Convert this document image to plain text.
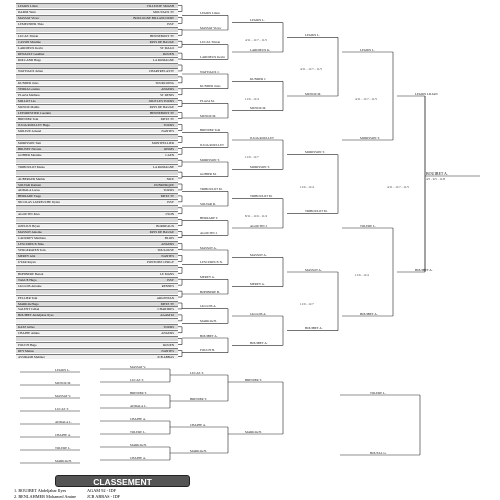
LEGRIS Lilian	VILLEJUIF SMASH
DAMM Yann	MOUVAUX TT
MASSAT Victor	BOULOGNE BILLANCOURT
LEMEUNIER Théo	ISSY
LUCAS Tristan	HENNEBONT TT
CASSIN Maxime	PAYS DE BAUGE
LARDIEUX Kevin	ST MALO
RENAULT Gauthier	ROUEN
ROLLAND Hugo	LA ROMAGNE
WATTIAUX Julien	CHARTRES ASTT
KUNDER Jules	TOURCOING
VERRA Lorenzo	ANGERS
PLAZA Mathieu	ST DENIS
MILLOT Léo	JOUE LES TOURS
MUNOZ Mathis	PAYS DE BAUGE
LEFORESTIER Corentin	HENNEBONT TT
BRENIER Tom	METZ TT
JULIA ROULLET Hugo	TOURS
MOLEZE Arnaud	NANTES
MORISSON Tom	MONTPELLIER
BRUNET Nicolas	REIMS
GOHIER Maxime	CAEN
TRIBOULOT Matéo	LA ROMAGNE
AUBERGER Mathis	NICE
SOLVAR Romain	DUNKERQUE
ADDALA Lucas	TOURS
HERRADE Tiago	METZ TT
NICOLAS LATREUCHE Dylan	ISSY
AGOUTIN Jules	LYON
OZELIUS Bryan	BORDEAUX
MASSOT Antoine	PAYS DE BAUGE
CADUREY Matthieu	BLOIS
LESCUREUX Nino	ANGERS
VERGERATEN Tom	TOULOUSE
MEREY Alix	NANTES
UYAR Rayan	PONTOISE CERGY
BOHINERE Benoit	LE MANS
TAGUE Hugo	ISSY
JALLOIS Antoine	RENNES
PELLIER Tom	ARGENTAN
MARKIA Hugo	METZ TT
SALENT Célian	CHARTRES
BOUIBET Abdeljabar Ilyes	AGAM 92
KATZ Gilles	TOURS
CHAPPE Amine	ANGERS
FOUCH Hugo	ROUEN
REY Mattéo	NANTES
ASSIRAMI Mehmet	JCB ABBAS
LEGRIS Lilian
MASSAT Victor
LUCAS Tristan
LARDIEUX Kevin
WATTIAUX J.
KUNDER Jules
PLAZA M.
MUNOZ M.
BRENIER Tom
JULIA ROULLET
MORISSON T.
GOHIER M.
TRIBOULOT M.
SOLVAR R.
HERRADE T.
AGOUTIN J.
MASSOT A.
LESCUREUX N.
MEREY A.
BOHINERE B.
JALLOIS A.
MARKIA H.
BOUIBET A.
FOUCH H.
LEGRIS L.
LARDIEUX K.
KUNDER J.
MUNOZ M.
JULIA ROULLET
MORISSON T.
TRIBOULOT M.
AGOUTIN J.
MASSOT A.
MEREY A.
JALLOIS A.
BOUIBET A.
4/11 - 11/7 - 11/5
11/6 - 11/4
11/9 - 11/7
8/11 - 11/6 - 11/4
LEGRIS L.
MUNOZ M.
MORISSON T.
TRIBOULOT M.
MASSOT A.
BOUIBET A.
4/11 - 11/7 - 11/5
11/6 - 11/4
11/9 - 11/7
LEGRIS L.
MORISSON T.
TOLERE L.
BOUIBET A.
4/11 - 11/7 - 11/5
11/6 - 11/4
LEGRIS LILIAN
BOUIBET A.
4/11 - 11/7 - 11/5
BOUIBET A.
4/5 - 9/5 - 11/8
LEGRIS L.
MUNOZ M.
MASSAT V.
LUCAS T.
ADDALA L.
CHAPPE A.
TOLERE L.
MARKIA H.
MASSAT V.
LUCAS T.
BRENIER T.
ADDALA L.
CHAPPE A.
TOLERE L.
MARKIA H.
CHAPPE A.
LUCAS T.
BRENIER T.
CHAPPE A.
MARKIA H.
BRENIER T.
MARKIA H.
TOLERE L.
BOUTAL G.
CLASSEMENT
1. BOUIBET Abdeljabar Ilyes	AGAM 92 - IDF
2. BENLAHMER Mohamed Amine	JCB ABBAS - IDF
